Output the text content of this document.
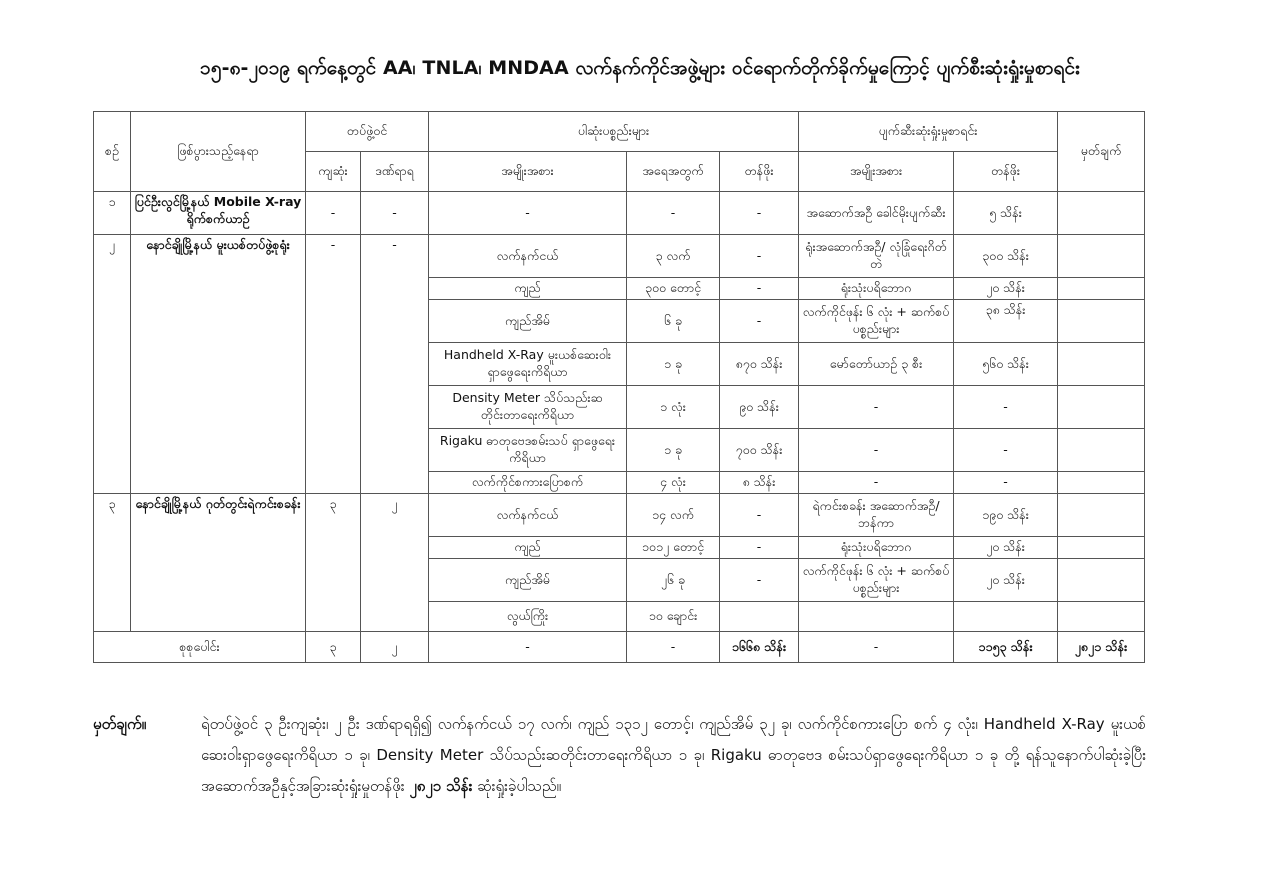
၁၅-၈-၂၀၁၉ ရက်နေ့တွင် AA၊ TNLA၊ MNDAA လက်နက်ကိုင်အဖွဲ့များ ဝင်ရောက်တိုက်ခိုက်မှုကြောင့် ပျက်စီးဆုံးရှုံးမှုစာရင်း
စဉ်	ဖြစ်ပွားသည့်နေရာ	တပ်ဖွဲ့ဝင်		ပါဆုံးပစ္စည်းများ			ပျက်ဆီးဆုံးရှုံးမှုစာရင်း		မှတ်ချက်
		ကျဆုံး	ဒဏ်ရာရ	အမျိုးအစား	အရေအတွက်	တန်ဖိုး	အမျိုးအစား	တန်ဖိုး	
၁	ပြင်ဦးလွင်မြို့နယ် Mobile X-ray ရိုက်စက်ယာဉ်	-	-	-	-	-	အဆောက်အဦ ခေါင်မိုးပျက်ဆီး	၅ သိန်း	
၂	နောင်ချိုမြို့နယ် မူးယစ်တပ်ဖွဲ့စုရုံး	-	-	လက်နက်ငယ်	၃ လက်	-	ရုံးအဆောက်အဦ/ လုံခြုံရေးဂိတ်တဲ	၃၀၀ သိန်း	
				ကျည်	၃၀၀ တောင့်	-	ရုံးသုံးပရိဘောဂ	၂၀ သိန်း	
				ကျည်အိမ်	၆ ခု	-	လက်ကိုင်ဖုန်း ၆ လုံး + ဆက်စပ်ပစ္စည်းများ	၃၈ သိန်း	
				Handheld X-Ray မူးယစ်ဆေးဝါး ရှာဖွေရေးကိရိယာ	၁ ခု	၈၇၀ သိန်း	မော်တော်ယာဉ် ၃ စီး	၅၆၀ သိန်း	
				Density Meter သိပ်သည်းဆ တိုင်းတာရေးကိရိယာ	၁ လုံး	၉၀ သိန်း	-	-	
				Rigaku ဓာတုဗေဒစမ်းသပ် ရှာဖွေရေးကိရိယာ	၁ ခု	၇၀၀ သိန်း	-	-	
				လက်ကိုင်စကားပြောစက်	၄ လုံး	၈ သိန်း	-	-	
၃	နောင်ချိုမြို့နယ် ဂုတ်တွင်းရဲကင်းစခန်း	၃	၂	လက်နက်ငယ်	၁၄ လက်	-	ရဲကင်းစခန်း အဆောက်အဦ/ ဘန်ကာ	၁၉၀ သိန်း	
				ကျည်	၁၀၁၂ တောင့်	-	ရုံးသုံးပရိဘောဂ	၂၀ သိန်း	
				ကျည်အိမ်	၂၆ ခု	-	လက်ကိုင်ဖုန်း ၆ လုံး + ဆက်စပ်ပစ္စည်းများ	၂၀ သိန်း	
				လွယ်ကြိုး	၁၀ ချောင်း				
စုစုပေါင်း		၃	၂	-	-	၁၆၆၈ သိန်း	-	၁၁၅၃ သိန်း	၂၈၂၁ သိန်း
မှတ်ချက်။	ရဲတပ်ဖွဲ့ဝင် ၃ ဦးကျဆုံး၊ ၂ ဦး ဒဏ်ရာရရှိ၍ လက်နက်ငယ် ၁၇ လက်၊ ကျည် ၁၃၁၂ တောင့်၊ ကျည်အိမ် ၃၂ ခု၊ လက်ကိုင်စကားပြော စက် ၄ လုံး၊ Handheld X-Ray မူးယစ်ဆေးဝါးရှာဖွေရေးကိရိယာ ၁ ခု၊ Density Meter သိပ်သည်းဆတိုင်းတာရေးကိရိယာ ၁ ခု၊ Rigaku ဓာတုဗေဒ စမ်းသပ်ရှာဖွေရေးကိရိယာ ၁ ခု တို့ ရန်သူနောက်ပါဆုံးခဲ့ပြီး အဆောက်အဦနှင့်အခြားဆုံးရှုံးမှုတန်ဖိုး ၂၈၂၁ သိန်း ဆုံးရှုံးခဲ့ပါသည်။
